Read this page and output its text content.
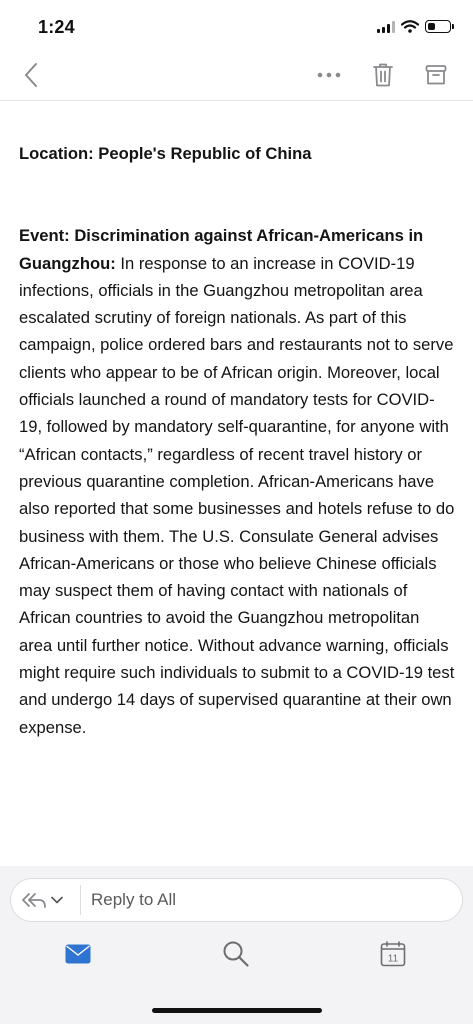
1:24

Location: People's Republic of China

Event: Discrimination against African-Americans in Guangzhou: In response to an increase in COVID-19 infections, officials in the Guangzhou metropolitan area escalated scrutiny of foreign nationals. As part of this campaign, police ordered bars and restaurants not to serve clients who appear to be of African origin. Moreover, local officials launched a round of mandatory tests for COVID-19, followed by mandatory self-quarantine, for anyone with “African contacts,” regardless of recent travel history or previous quarantine completion. African-Americans have also reported that some businesses and hotels refuse to do business with them. The U.S. Consulate General advises African-Americans or those who believe Chinese officials may suspect them of having contact with nationals of African countries to avoid the Guangzhou metropolitan area until further notice. Without advance warning, officials might require such individuals to submit to a COVID-19 test and undergo 14 days of supervised quarantine at their own expense.

Reply to All
11
